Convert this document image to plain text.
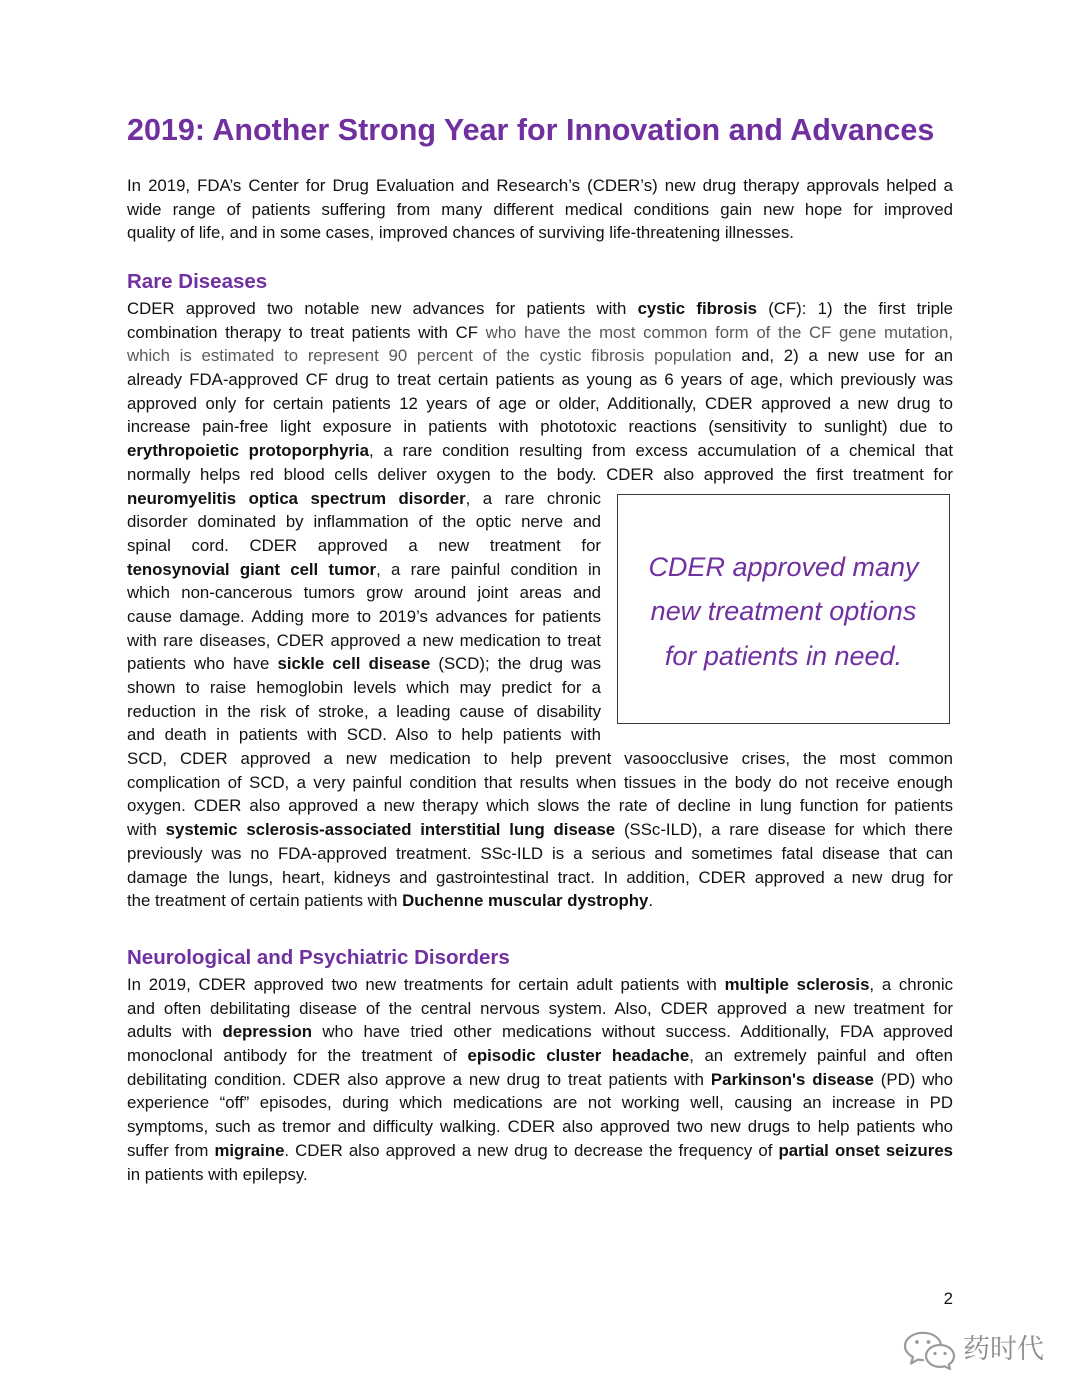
2019: Another Strong Year for Innovation and Advances
In 2019, FDA’s Center for Drug Evaluation and Research’s (CDER’s) new drug therapy approvals helped a
wide range of patients suffering from many different medical conditions gain new hope for improved
quality of life, and in some cases, improved chances of surviving life-threatening illnesses.
Rare Diseases
CDER approved two notable new advances for patients with cystic fibrosis (CF): 1) the first triple
combination therapy to treat patients with CF who have the most common form of the CF gene mutation,
which is estimated to represent 90 percent of the cystic fibrosis population and, 2) a new use for an
already FDA-approved CF drug to treat certain patients as young as 6 years of age, which previously was
approved only for certain patients 12 years of age or older, Additionally, CDER approved a new drug to
increase pain-free light exposure in patients with phototoxic reactions (sensitivity to sunlight) due to
erythropoietic protoporphyria, a rare condition resulting from excess accumulation of a chemical that
normally helps red blood cells deliver oxygen to the body. CDER also approved the first treatment for
neuromyelitis optica spectrum disorder, a rare chronic
disorder dominated by inflammation of the optic nerve and
spinal cord. CDER approved a new treatment for
tenosynovial giant cell tumor, a rare painful condition in
which non-cancerous tumors grow around joint areas and
cause damage. Adding more to 2019’s advances for patients
with rare diseases, CDER approved a new medication to treat
patients who have sickle cell disease (SCD); the drug was
shown to raise hemoglobin levels which may predict for a
reduction in the risk of stroke, a leading cause of disability
and death in patients with SCD. Also to help patients with
SCD, CDER approved a new medication to help prevent vasoocclusive crises, the most common
complication of SCD, a very painful condition that results when tissues in the body do not receive enough
oxygen. CDER also approved a new therapy which slows the rate of decline in lung function for patients
with systemic sclerosis-associated interstitial lung disease (SSc-ILD), a rare disease for which there
previously was no FDA-approved treatment. SSc-ILD is a serious and sometimes fatal disease that can
damage the lungs, heart, kidneys and gastrointestinal tract. In addition, CDER approved a new drug for
the treatment of certain patients with Duchenne muscular dystrophy.
CDER approved many
new treatment options
for patients in need.
Neurological and Psychiatric Disorders
In 2019, CDER approved two new treatments for certain adult patients with multiple sclerosis, a chronic
and often debilitating disease of the central nervous system. Also, CDER approved a new treatment for
adults with depression who have tried other medications without success. Additionally, FDA approved
monoclonal antibody for the treatment of episodic cluster headache, an extremely painful and often
debilitating condition. CDER also approve a new drug to treat patients with Parkinson's disease (PD) who
experience “off” episodes, during which medications are not working well, causing an increase in PD
symptoms, such as tremor and difficulty walking. CDER also approved two new drugs to help patients who
suffer from migraine. CDER also approved a new drug to decrease the frequency of partial onset seizures
in patients with epilepsy.
2
药时代
